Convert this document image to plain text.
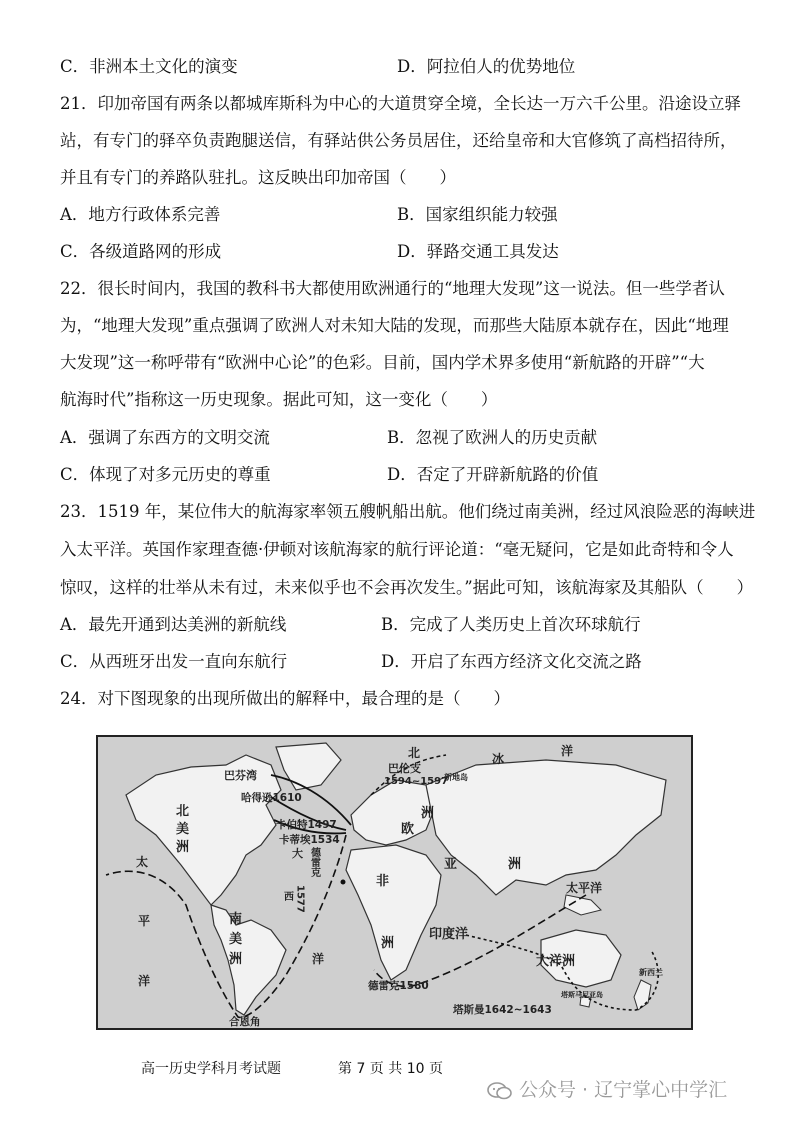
C．非洲本土文化的演变	D．阿拉伯人的优势地位
21．印加帝国有两条以都城库斯科为中心的大道贯穿全境，全长达一万六千公里。沿途设立驿
站，有专门的驿卒负责跑腿送信，有驿站供公务员居住，还给皇帝和大官修筑了高档招待所，
并且有专门的养路队驻扎。这反映出印加帝国（　　）
A．地方行政体系完善	B．国家组织能力较强
C．各级道路网的形成	D．驿路交通工具发达
22．很长时间内，我国的教科书大都使用欧洲通行的“地理大发现”这一说法。但一些学者认
为，“地理大发现”重点强调了欧洲人对未知大陆的发现，而那些大陆原本就存在，因此“地理
大发现”这一称呼带有“欧洲中心论”的色彩。目前，国内学术界多使用“新航路的开辟”“大
航海时代”指称这一历史现象。据此可知，这一变化（　　）
A．强调了东西方的文明交流	B．忽视了欧洲人的历史贡献
C．体现了对多元历史的尊重	D．否定了开辟新航路的价值
23．1519 年，某位伟大的航海家率领五艘帆船出航。他们绕过南美洲，经过风浪险恶的海峡进
入太平洋。英国作家理查德·伊顿对该航海家的航行评论道：“毫无疑问，它是如此奇特和令人
惊叹，这样的壮举从未有过，未来似乎也不会再次发生。”据此可知，该航海家及其船队（　　）
A．最先开通到达美洲的新航线	B．完成了人类历史上首次环球航行
C．从西班牙出发一直向东航行	D．开启了东西方经济文化交流之路
24．对下图现象的出现所做出的解释中，最合理的是（　　）
北	冰
洋
巴伦支
1594~1597
新地岛
巴芬湾
哈得逊1610
卡伯特1497
卡蒂埃1534
北
美
洲	大
太
平
洋
欧
洲
亚	洲
非
洲
德雷克
西 1577
南
美
洲	洋
印度洋
太平洋
大洋洲
德雷克1580
塔斯曼1642~1643
塔斯马尼亚岛
新西兰
合恩角
高一历史学科月考试题	第 7 页 共 10 页
公众号 · 辽宁掌心中学汇
